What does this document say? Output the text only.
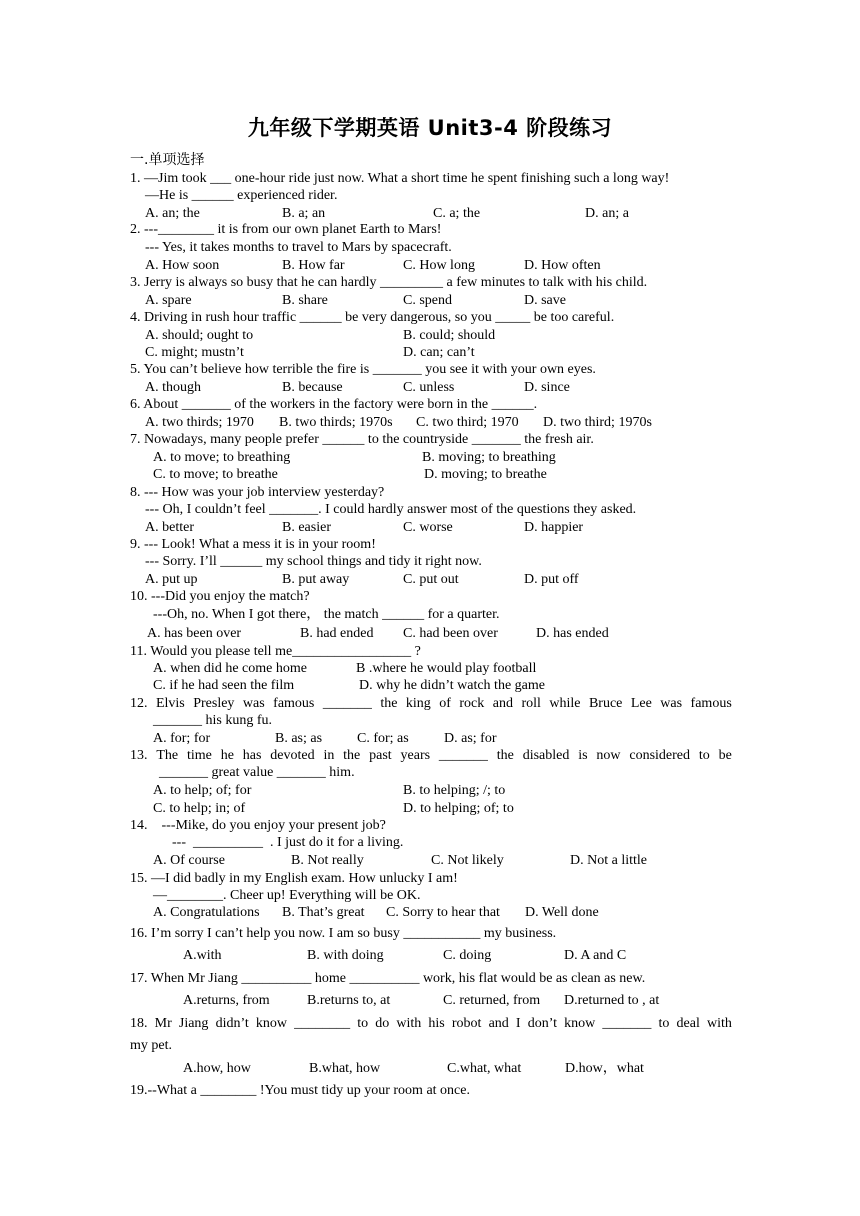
九年级下学期英语 Unit3-4 阶段练习
一.单项选择
1. —Jim took ___ one-hour ride just now. What a short time he spent finishing such a long way!
—He is ______ experienced rider.
A. an; the	B. a; an	C. a; the	D. an; a
2. ---________ it is from our own planet Earth to Mars!
--- Yes, it takes months to travel to Mars by spacecraft.
A. How soon	B. How far	C. How long	D. How often
3. Jerry is always so busy that he can hardly _________ a few minutes to talk with his child.
A. spare	B. share	C. spend	D. save
4. Driving in rush hour traffic ______ be very dangerous, so you _____ be too careful.
A. should; ought to	B. could; should
C. might; mustn’t	D. can; can’t
5. You can’t believe how terrible the fire is _______ you see it with your own eyes.
A. though	B. because	C. unless	D. since
6. About _______ of the workers in the factory were born in the ______.
A. two thirds; 1970 B. two thirds; 1970s C. two third; 1970 D. two third; 1970s
7. Nowadays, many people prefer ______ to the countryside _______ the fresh air.
A. to move; to breathing	B. moving; to breathing
C. to move; to breathe	D. moving; to breathe
8. --- How was your job interview yesterday?
--- Oh, I couldn’t feel _______. I could hardly answer most of the questions they asked.
A. better	B. easier	C. worse	D. happier
9. --- Look! What a mess it is in your room!
--- Sorry. I’ll ______ my school things and tidy it right now.
A. put up	B. put away	C. put out	D. put off
10. ---Did you enjoy the match?
---Oh, no. When I got there， the match ______ for a quarter.
A. has been over	B. had ended C. had been over	D. has ended
11. Would you please tell me_________________ ?
A. when did he come home	B .where he would play football
C. if he had seen the film	D. why he didn’t watch the game
12. Elvis Presley was famous _______ the king of rock and roll while Bruce Lee was famous
_______ his kung fu.
A. for; for	B. as; as C. for; as	D. as; for
13. The time he has devoted in the past years _______ the disabled is now considered to be
_______ great value _______ him.
A. to help; of; for	B. to helping; /; to
C. to help; in; of	D. to helping; of; to
14.    ---Mike, do you enjoy your present job?
---  __________  . I just do it for a living.
A. Of course	B. Not really	C. Not likely	D. Not a little
15. —I did badly in my English exam. How unlucky I am!
—________. Cheer up! Everything will be OK.
A. Congratulations B. That’s great C. Sorry to hear that D. Well done
16. I’m sorry I can’t help you now. I am so busy ___________ my business.
A.with	B. with doing	C. doing	D. A and C
17. When Mr Jiang __________ home __________ work, his flat would be as clean as new.
A.returns, from	B.returns to, at	C. returned, from D.returned to , at
18. Mr Jiang didn’t know ________ to do with his robot and I don’t know _______ to deal with
my pet.
A.how, how	B.what, how	C.what, what	D.how，what
19.--What a ________ !You must tidy up your room at once.
